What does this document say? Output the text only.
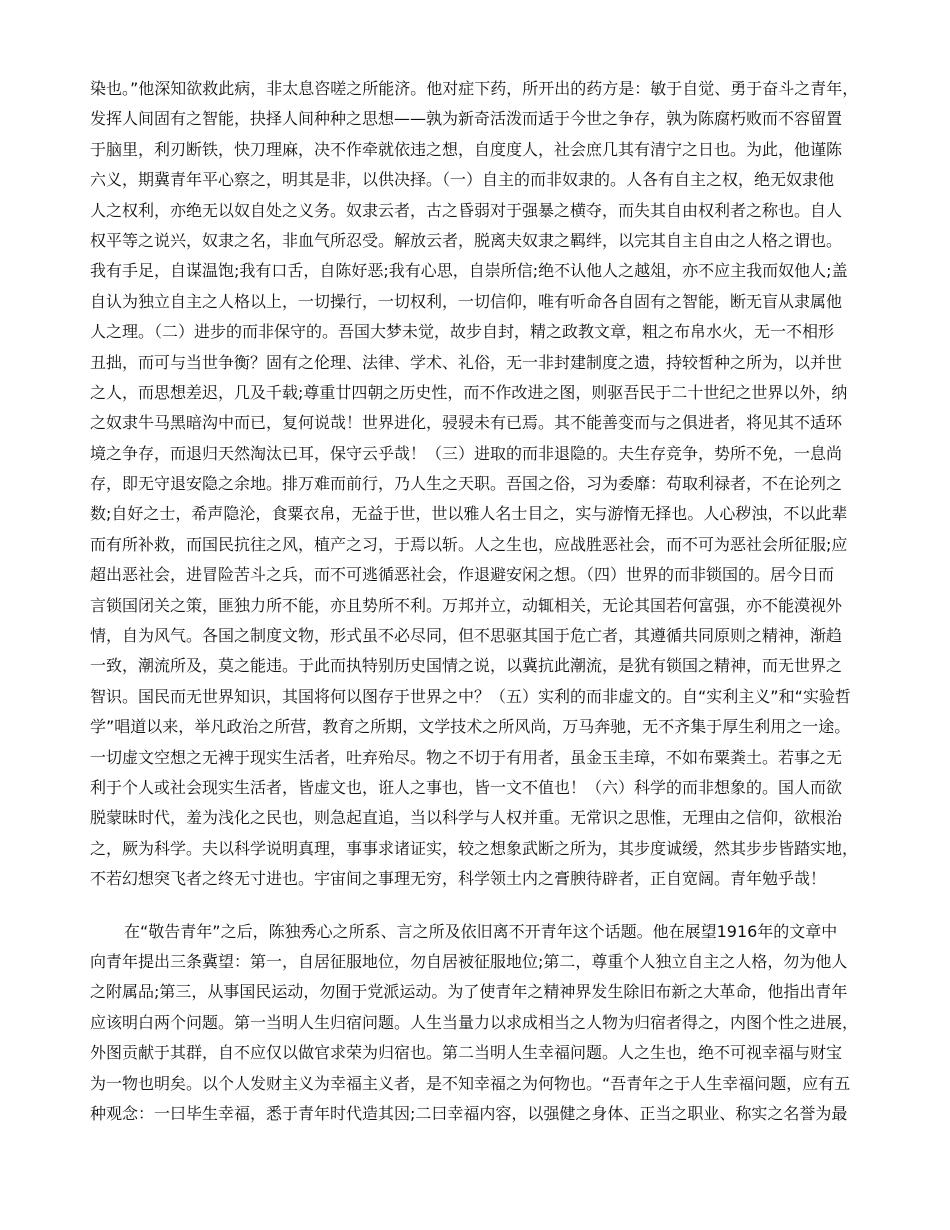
染也。”他深知欲救此病，非太息咨嗟之所能济。他对症下药，所开出的药方是：敏于自觉、勇于奋斗之青年，
发挥人间固有之智能，抉择人间种种之思想——孰为新奇活泼而适于今世之争存，孰为陈腐朽败而不容留置
于脑里，利刃断铁，快刀理麻，决不作牵就依违之想，自度度人，社会庶几其有清宁之日也。为此，他谨陈
六义，期冀青年平心察之，明其是非，以供决择。（一）自主的而非奴隶的。人各有自主之权，绝无奴隶他
人之权利，亦绝无以奴自处之义务。奴隶云者，古之昏弱对于强暴之横夺，而失其自由权利者之称也。自人
权平等之说兴，奴隶之名，非血气所忍受。解放云者，脱离夫奴隶之羁绊，以完其自主自由之人格之谓也。
我有手足，自谋温饱;我有口舌，自陈好恶;我有心思，自崇所信;绝不认他人之越俎，亦不应主我而奴他人;盖
自认为独立自主之人格以上，一切操行，一切权利，一切信仰，唯有听命各自固有之智能，断无盲从隶属他
人之理。（二）进步的而非保守的。吾国大梦未觉，故步自封，精之政教文章，粗之布帛水火，无一不相形
丑拙，而可与当世争衡？固有之伦理、法律、学术、礼俗，无一非封建制度之遗，持较皙种之所为，以并世
之人，而思想差迟，几及千载;尊重廿四朝之历史性，而不作改进之图，则驱吾民于二十世纪之世界以外，纳
之奴隶牛马黑暗沟中而已，复何说哉！世界进化，骎骎未有已焉。其不能善变而与之俱进者，将见其不适环
境之争存，而退归天然淘汰已耳，保守云乎哉！（三）进取的而非退隐的。夫生存竞争，势所不免，一息尚
存，即无守退安隐之余地。排万难而前行，乃人生之天职。吾国之俗，习为委靡：苟取利禄者，不在论列之
数;自好之士，希声隐沦，食粟衣帛，无益于世，世以雅人名士目之，实与游惰无择也。人心秽浊，不以此辈
而有所补救，而国民抗往之风，植产之习，于焉以斩。人之生也，应战胜恶社会，而不可为恶社会所征服;应
超出恶社会，进冒险苦斗之兵，而不可逃循恶社会，作退避安闲之想。（四）世界的而非锁国的。居今日而
言锁国闭关之策，匪独力所不能，亦且势所不利。万邦并立，动辄相关，无论其国若何富强，亦不能漠视外
情，自为风气。各国之制度文物，形式虽不必尽同，但不思驱其国于危亡者，其遵循共同原则之精神，渐趋
一致，潮流所及，莫之能违。于此而执特别历史国情之说，以冀抗此潮流，是犹有锁国之精神，而无世界之
智识。国民而无世界知识，其国将何以图存于世界之中？（五）实利的而非虚文的。自“实利主义”和“实验哲
学”唱道以来，举凡政治之所营，教育之所期，文学技术之所风尚，万马奔驰，无不齐集于厚生利用之一途。
一切虚文空想之无裨于现实生活者，吐弃殆尽。物之不切于有用者，虽金玉圭璋，不如布粟粪土。若事之无
利于个人或社会现实生活者，皆虚文也，诳人之事也，皆一文不值也！（六）科学的而非想象的。国人而欲
脱蒙昧时代，羞为浅化之民也，则急起直追，当以科学与人权并重。无常识之思惟，无理由之信仰，欲根治
之，厥为科学。夫以科学说明真理，事事求诸证实，较之想象武断之所为，其步度诚缓，然其步步皆踏实地，
不若幻想突飞者之终无寸进也。宇宙间之事理无穷，科学领土内之膏腴待辟者，正自宽阔。青年勉乎哉！
在“敬告青年”之后，陈独秀心之所系、言之所及依旧离不开青年这个话题。他在展望1916年的文章中
向青年提出三条冀望：第一，自居征服地位，勿自居被征服地位;第二，尊重个人独立自主之人格，勿为他人
之附属品;第三，从事国民运动，勿囿于党派运动。为了使青年之精神界发生除旧布新之大革命，他指出青年
应该明白两个问题。第一当明人生归宿问题。人生当量力以求成相当之人物为归宿者得之，内图个性之进展，
外图贡献于其群，自不应仅以做官求荣为归宿也。第二当明人生幸福问题。人之生也，绝不可视幸福与财宝
为一物也明矣。以个人发财主义为幸福主义者，是不知幸福之为何物也。“吾青年之于人生幸福问题，应有五
种观念：一曰毕生幸福，悉于青年时代造其因;二曰幸福内容，以强健之身体、正当之职业、称实之名誉为最
